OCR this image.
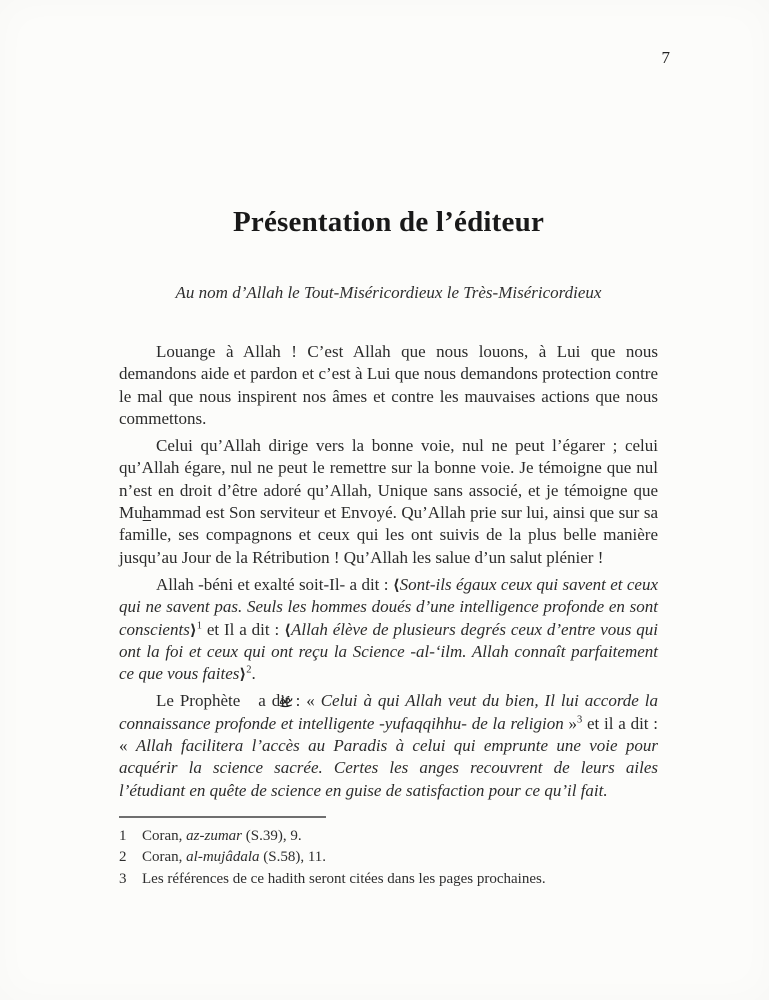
7
Présentation de l’éditeur
Au nom d’Allah le Tout-Miséricordieux le Très-Miséricordieux

Louange à Allah ! C’est Allah que nous louons, à Lui que nous demandons aide et pardon et c’est à Lui que nous demandons protection contre le mal que nous inspirent nos âmes et contre les mauvaises actions que nous commettons.

Celui qu’Allah dirige vers la bonne voie, nul ne peut l’égarer ; celui qu’Allah égare, nul ne peut le remettre sur la bonne voie. Je témoigne que nul n’est en droit d’être adoré qu’Allah, Unique sans associé, et je témoigne que Muhammad est Son serviteur et Envoyé. Qu’Allah prie sur lui, ainsi que sur sa famille, ses compagnons et ceux qui les ont suivis de la plus belle manière jusqu’au Jour de la Rétribution ! Qu’Allah les salue d’un salut plénier !

Allah -béni et exalté soit-Il- a dit : ⟨Sont-ils égaux ceux qui savent et ceux qui ne savent pas. Seuls les hommes doués d’une intelligence profonde en sont conscients⟩$^1$ et Il a dit : ⟨Allah élève de plusieurs degrés ceux d’entre vous qui ont la foi et ceux qui ont reçu la Science -al-‘ilm. Allah connaît parfaitement ce que vous faites⟩$^2$.

Le Prophète a dit : « Celui à qui Allah veut du bien, Il lui accorde la connaissance profonde et intelligente -yufaqqihhu- de la religion »$^3$ et il a dit : « Allah facilitera l’accès au Paradis à celui qui emprunte une voie pour acquérir la science sacrée. Certes les anges recouvrent de leurs ailes l’étudiant en quête de science en guise de satisfaction pour ce qu’il fait.

1	Coran, az-zumar (S.39), 9.
2	Coran, al-mujâdala (S.58), 11.
3	Les références de ce hadith seront citées dans les pages prochaines.
